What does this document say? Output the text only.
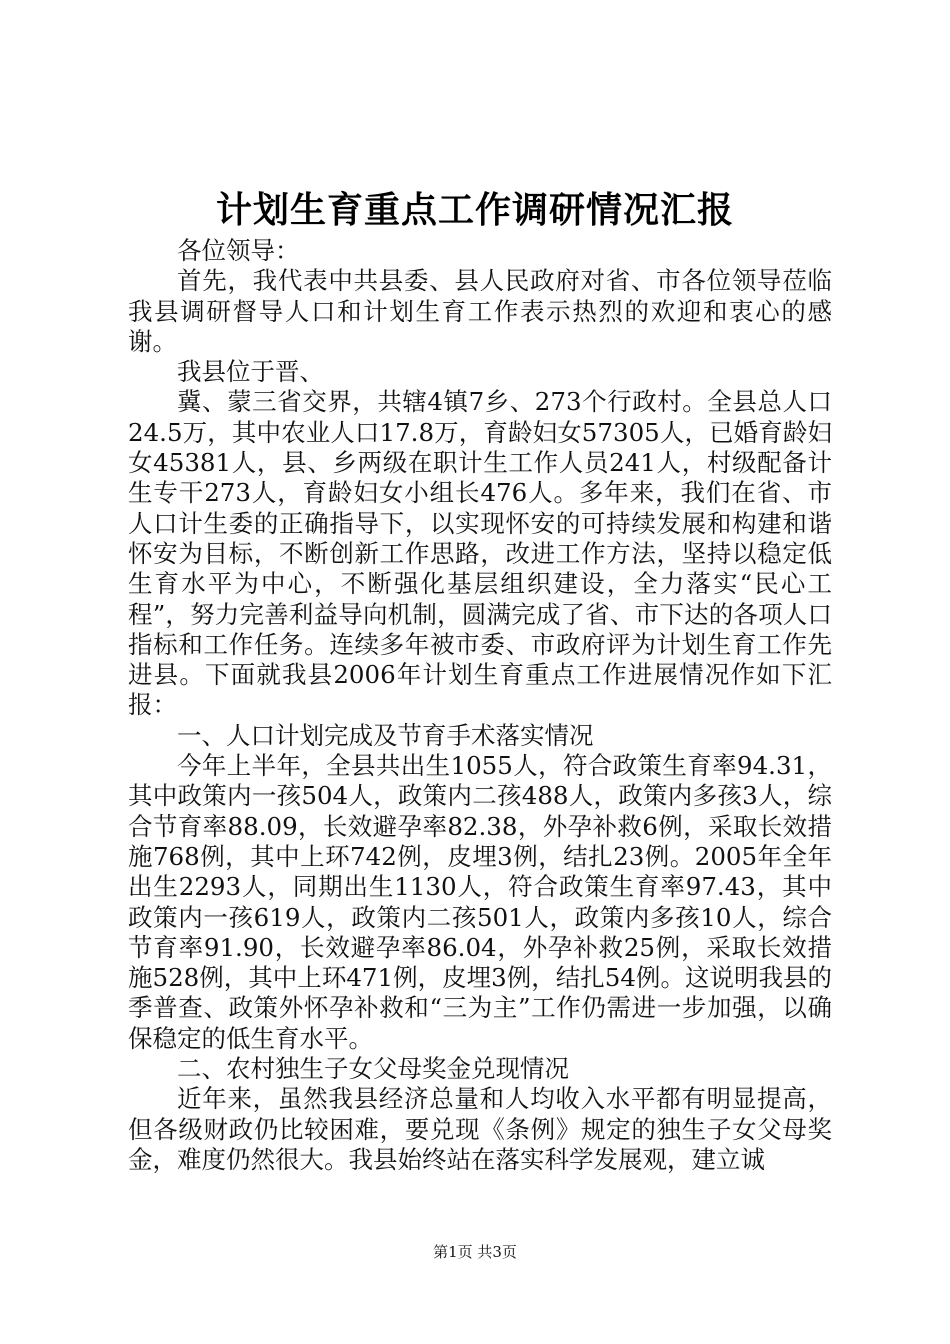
计划生育重点工作调研情况汇报

各位领导：

首先，我代表中共县委、县人民政府对省、市各位领导莅临我县调研督导人口和计划生育工作表示热烈的欢迎和衷心的感谢。

我县位于晋、

冀、蒙三省交界，共辖4镇7乡、273个行政村。全县总人口24.5万，其中农业人口17.8万，育龄妇女57305人，已婚育龄妇女45381人，县、乡两级在职计生工作人员241人，村级配备计生专干273人，育龄妇女小组长476人。多年来，我们在省、市人口计生委的正确指导下，以实现怀安的可持续发展和构建和谐怀安为目标，不断创新工作思路，改进工作方法，坚持以稳定低生育水平为中心，不断强化基层组织建设，全力落实“民心工程”，努力完善利益导向机制，圆满完成了省、市下达的各项人口指标和工作任务。连续多年被市委、市政府评为计划生育工作先进县。下面就我县2006年计划生育重点工作进展情况作如下汇报：

一、人口计划完成及节育手术落实情况

今年上半年，全县共出生1055人，符合政策生育率94.31，其中政策内一孩504人，政策内二孩488人，政策内多孩3人，综合节育率88.09，长效避孕率82.38，外孕补救6例，采取长效措施768例，其中上环742例，皮埋3例，结扎23例。2005年全年出生2293人，同期出生1130人，符合政策生育率97.43，其中政策内一孩619人，政策内二孩501人，政策内多孩10人，综合节育率91.90，长效避孕率86.04，外孕补救25例，采取长效措施528例，其中上环471例，皮埋3例，结扎54例。这说明我县的季普查、政策外怀孕补救和“三为主”工作仍需进一步加强，以确保稳定的低生育水平。

二、农村独生子女父母奖金兑现情况

近年来，虽然我县经济总量和人均收入水平都有明显提高，但各级财政仍比较困难，要兑现《条例》规定的独生子女父母奖金，难度仍然很大。我县始终站在落实科学发展观，建立诚

第1页 共3页
